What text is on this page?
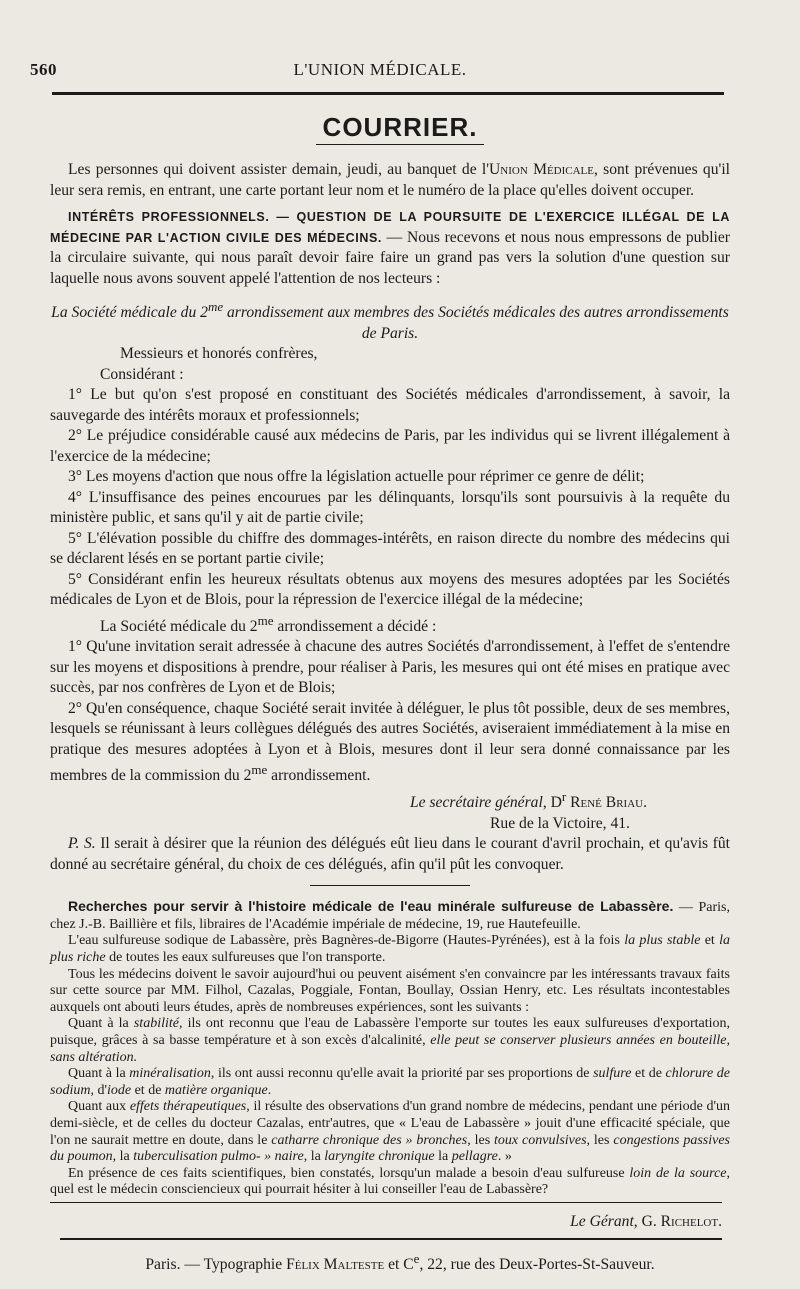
560	L'UNION MÉDICALE.
COURRIER.

Les personnes qui doivent assister demain, jeudi, au banquet de l'Union Médicale, sont prévenues qu'il leur sera remis, en entrant, une carte portant leur nom et le numéro de la place qu'elles doivent occuper.

INTÉRÊTS PROFESSIONNELS. — QUESTION DE LA POURSUITE DE L'EXERCICE ILLÉGAL DE LA MÉDECINE PAR L'ACTION CIVILE DES MÉDECINS. — Nous recevons et nous nous empressons de publier la circulaire suivante, qui nous paraît devoir faire faire un grand pas vers la solution d'une question sur laquelle nous avons souvent appelé l'attention de nos lecteurs :

La Société médicale du $2^{me}$ arrondissement aux membres des Sociétés médicales des autres arrondissements de Paris.

Messieurs et honorés confrères,

Considérant :

1° Le but qu'on s'est proposé en constituant des Sociétés médicales d'arrondissement, à savoir, la sauvegarde des intérêts moraux et professionnels;

2° Le préjudice considérable causé aux médecins de Paris, par les individus qui se livrent illégalement à l'exercice de la médecine;

3° Les moyens d'action que nous offre la législation actuelle pour réprimer ce genre de délit;

4° L'insuffisance des peines encourues par les délinquants, lorsqu'ils sont poursuivis à la requête du ministère public, et sans qu'il y ait de partie civile;

5° L'élévation possible du chiffre des dommages-intérêts, en raison directe du nombre des médecins qui se déclarent lésés en se portant partie civile;

5° Considérant enfin les heureux résultats obtenus aux moyens des mesures adoptées par les Sociétés médicales de Lyon et de Blois, pour la répression de l'exercice illégal de la médecine;

La Société médicale du $2^{me}$ arrondissement a décidé :

1° Qu'une invitation serait adressée à chacune des autres Sociétés d'arrondissement, à l'effet de s'entendre sur les moyens et dispositions à prendre, pour réaliser à Paris, les mesures qui ont été mises en pratique avec succès, par nos confrères de Lyon et de Blois;

2° Qu'en conséquence, chaque Société serait invitée à déléguer, le plus tôt possible, deux de ses membres, lesquels se réunissant à leurs collègues délégués des autres Sociétés, aviseraient immédiatement à la mise en pratique des mesures adoptées à Lyon et à Blois, mesures dont il leur sera donné connaissance par les membres de la commission du $2^{me}$ arrondissement.

Le secrétaire général, $D^r$ René Briau.

Rue de la Victoire, 41.

P. S. Il serait à désirer que la réunion des délégués eût lieu dans le courant d'avril prochain, et qu'avis fût donné au secrétaire général, du choix de ces délégués, afin qu'il pût les convoquer.

Recherches pour servir à l'histoire médicale de l'eau minérale sulfureuse de Labassère. — Paris, chez J.-B. Baillière et fils, libraires de l'Académie impériale de médecine, 19, rue Hautefeuille.

L'eau sulfureuse sodique de Labassère, près Bagnères-de-Bigorre (Hautes-Pyrénées), est à la fois la plus stable et la plus riche de toutes les eaux sulfureuses que l'on transporte.

Tous les médecins doivent le savoir aujourd'hui ou peuvent aisément s'en convaincre par les intéressants travaux faits sur cette source par MM. Filhol, Cazalas, Poggiale, Fontan, Boullay, Ossian Henry, etc. Les résultats incontestables auxquels ont abouti leurs études, après de nombreuses expériences, sont les suivants :

Quant à la stabilité, ils ont reconnu que l'eau de Labassère l'emporte sur toutes les eaux sulfureuses d'exportation, puisque, grâces à sa basse température et à son excès d'alcalinité, elle peut se conserver plusieurs années en bouteille, sans altération.

Quant à la minéralisation, ils ont aussi reconnu qu'elle avait la priorité par ses proportions de sulfure et de chlorure de sodium, d'iode et de matière organique.

Quant aux effets thérapeutiques, il résulte des observations d'un grand nombre de médecins, pendant une période d'un demi-siècle, et de celles du docteur Cazalas, entr'autres, que « L'eau de Labassère » jouit d'une efficacité spéciale, que l'on ne saurait mettre en doute, dans le catharre chronique des » bronches, les toux convulsives, les congestions passives du poumon, la tuberculisation pulmo- » naire, la laryngite chronique la pellagre. »

En présence de ces faits scientifiques, bien constatés, lorsqu'un malade a besoin d'eau sulfureuse loin de la source, quel est le médecin consciencieux qui pourrait hésiter à lui conseiller l'eau de Labassère?

Le Gérant, G. Richelot.
Paris. — Typographie Félix Malteste et Ce, 22, rue des Deux-Portes-St-Sauveur.
